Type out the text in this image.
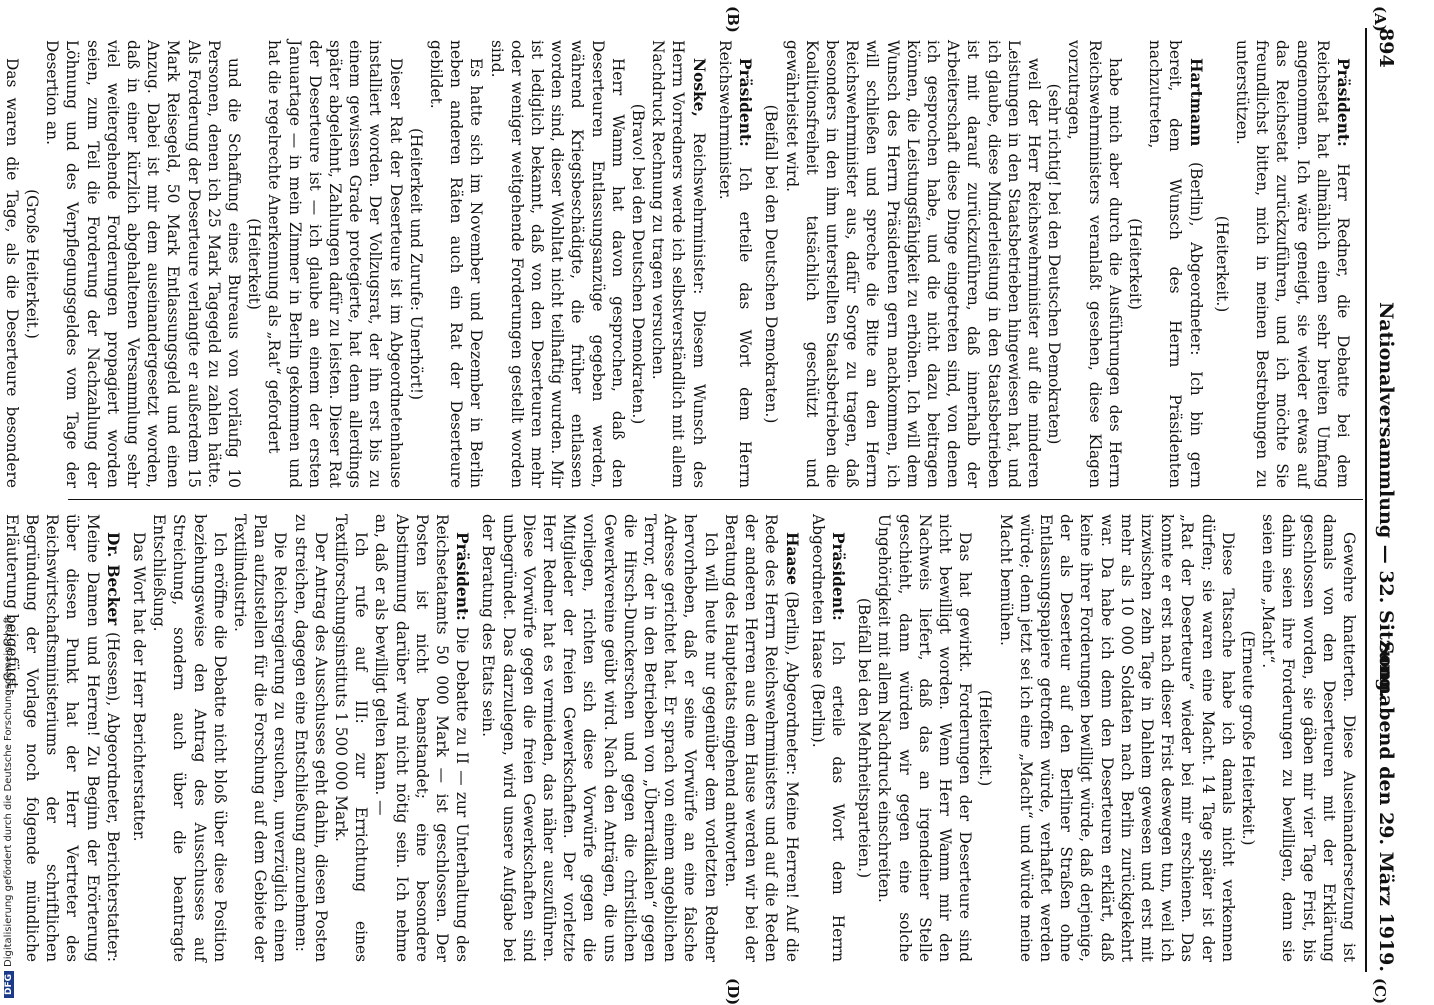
894
Nationalversammlung — 32. Sitzung.
Sonnabend den 29. März 1919.
(A)
(B)
(C)
(D)

Präsident: Herr Redner, die Debatte bei dem Reichsetat hat allmählich einen sehr breiten Umfang angenommen. Ich wäre geneigt, sie wieder etwas auf das Reichsetat zurückzuführen, und ich möchte Sie freundlichst bitten, mich in meinen Bestrebungen zu unterstützen.

(Heiterkeit.)

Hartmann (Berlin), Abgeordneter: Ich bin gern bereit, dem Wunsch des Herrn Präsidenten nachzutreten,

(Heiterkeit)

habe mich aber durch die Ausführungen des Herrn Reichswehrministers veranlaßt gesehen, diese Klagen vorzutragen,

(sehr richtig! bei den Deutschen Demokraten)

weil der Herr Reichswehrminister auf die minderen Leistungen in den Staatsbetrieben hingewiesen hat, und ich glaube, diese Minderleistung in den Staatsbetrieben ist mit darauf zurückzuführen, daß innerhalb der Arbeiterschaft diese Dinge eingetreten sind, von denen ich gesprochen habe, und die nicht dazu beitragen können, die Leistungsfähigkeit zu erhöhen. Ich will dem Wunsch des Herrn Präsidenten gern nachkommen, ich will schließen und spreche die Bitte an den Herrn Reichswehrminister aus, dafür Sorge zu tragen, daß besonders in den ihm unterstellten Staatsbetrieben die Koalitionsfreiheit tatsächlich geschützt und gewährleistet wird.

(Beifall bei den Deutschen Demokraten.)

Präsident: Ich erteile das Wort dem Herrn Reichswehrminister.

Noske, Reichswehrminister: Diesem Wunsch des Herrn Vorredners werde ich selbstverständlich mit allem Nachdruck Rechnung zu tragen versuchen.

(Bravo! bei den Deutschen Demokraten.)

Herr Wamm hat davon gesprochen, daß den Deserteuren Entlassungsanzüge gegeben werden, während Kriegsbeschädigte, die früher entlassen worden sind, dieser Wohltat nicht teilhaftig wurden. Mir ist lediglich bekannt, daß von den Deserteuren mehr oder weniger weitgehende Forderungen gestellt worden sind.

Es hatte sich im November und Dezember in Berlin neben anderen Räten auch ein Rat der Deserteure gebildet.

(Heiterkeit und Zurufe: Unerhört!)

Dieser Rat der Deserteure ist im Abgeordnetenhause installiert worden. Der Vollzugsrat, der ihn erst bis zu einem gewissen Grade protegierte, hat denn allerdings später abgelehnt, Zahlungen dafür zu leisten. Dieser Rat der Deserteure ist — ich glaube an einem der ersten Januartage — in mein Zimmer in Berlin gekommen und hat die regelrechte Anerkennung als „Rat“ gefordert

(Heiterkeit)

und die Schaffung eines Bureaus von vorläufig 10 Personen, denen ich 25 Mark Tagegeld zu zahlen hätte. Als Forderung der Deserteure verlangte er außerdem 15 Mark Reisegeld, 50 Mark Entlassungsgeld und einen Anzug. Dabei ist mir dem auseinandergesetzt worden, daß in einer kürzlich abgehaltenen Versammlung sehr viel weitergehende Forderungen propagiert worden seien, zum Teil die Forderung der Nachzahlung der Löhnung und des Verpflegungsgeldes vom Tage der Desertion an.

(Große Heiterkeit.)

Das waren die Tage, als die Deserteure besondere

Gewehre knatterten. Diese Auseinandersetzung ist damals von den Deserteuren mit der Erklärung geschlossen worden, sie gäben mir vier Tage Frist, bis dahin seien ihre Forderungen zu bewilligen, denn sie seien eine „Macht“.

(Erneute große Heiterkeit.)

Diese Tatsache habe ich damals nicht verkennen dürfen; sie waren eine Macht. 14 Tage später ist der „Rat der Deserteure“ wieder bei mir erschienen. Das konnte er erst nach dieser Frist deswegen tun, weil ich inzwischen zehn Tage in Dahlem gewesen und erst mit mehr als 10 000 Soldaten nach Berlin zurückgekehrt war. Da habe ich denn den Deserteuren erklärt, daß keine ihrer Forderungen bewilligt würde, daß derjenige, der als Deserteur auf den Berliner Straßen ohne Entlassungspapiere getroffen würde, verhaftet werden würde; denn jetzt sei ich eine „Macht“ und würde meine Macht bemühen.

(Heiterkeit.)

Das hat gewirkt. Forderungen der Deserteure sind nicht bewilligt worden. Wenn Herr Wamm mir den Nachweis liefert, daß das an irgendeiner Stelle geschieht, dann würden wir gegen eine solche Ungehörigkeit mit allem Nachdruck einschreiten.

(Beifall bei den Mehrheitsparteien.)

Präsident: Ich erteile das Wort dem Herrn Abgeordneten Haase (Berlin).

Haase (Berlin), Abgeordneter: Meine Herren! Auf die Rede des Herrn Reichswehrministers und auf die Reden der anderen Herren aus dem Hause werden wir bei der Beratung des Hauptetats eingehend antworten.

Ich will heute nur gegenüber dem vorletzten Redner hervorheben, daß er seine Vorwürfe an eine falsche Adresse gerichtet hat. Er sprach von einem angeblichen Terror, der in den Betrieben von „Überradikalen“ gegen die Hirsch-Dunckerschen und gegen die christlichen Gewerkvereine geübt wird. Nach den Anträgen, die uns vorliegen, richten sich diese Vorwürfe gegen die Mitglieder der freien Gewerkschaften. Der vorletzte Herr Redner hat es vermieden, das näher auszuführen. Diese Vorwürfe gegen die freien Gewerkschaften sind unbegründet. Das darzulegen, wird unsere Aufgabe bei der Beratung des Etats sein.

Präsident: Die Debatte zu II — zur Unterhaltung des Reichsetatamts 50 000 Mark — ist geschlossen. Der Posten ist nicht beanstandet; eine besondere Abstimmung darüber wird nicht nötig sein. Ich nehme an, daß er als bewilligt gelten kann. —

Ich rufe auf III: zur Errichtung eines Textilforschungsinstituts 1 500 000 Mark.

Der Antrag des Ausschusses geht dahin, diesen Posten zu streichen, dagegen eine Entschließung anzunehmen:

Die Reichsregierung zu ersuchen, unverzüglich einen Plan aufzustellen für die Forschung auf dem Gebiete der Textilindustrie.

Ich eröffne die Debatte nicht bloß über diese Position beziehungsweise den Antrag des Ausschusses auf Streichung, sondern auch über die beantragte Entschließung.

Das Wort hat der Herr Berichterstatter.

Dr. Becker (Hessen), Abgeordneter, Berichterstatter: Meine Damen und Herren! Zu Beginn der Erörterung über diesen Punkt hat der Herr Vertreter des Reichswirtschaftsministeriums der schriftlichen Begründung der Vorlage noch folgende mündliche Erläuterung beigefügt:

DFGDigitalisierung gefördert durch die Deutsche Forschungsgemeinschaft
